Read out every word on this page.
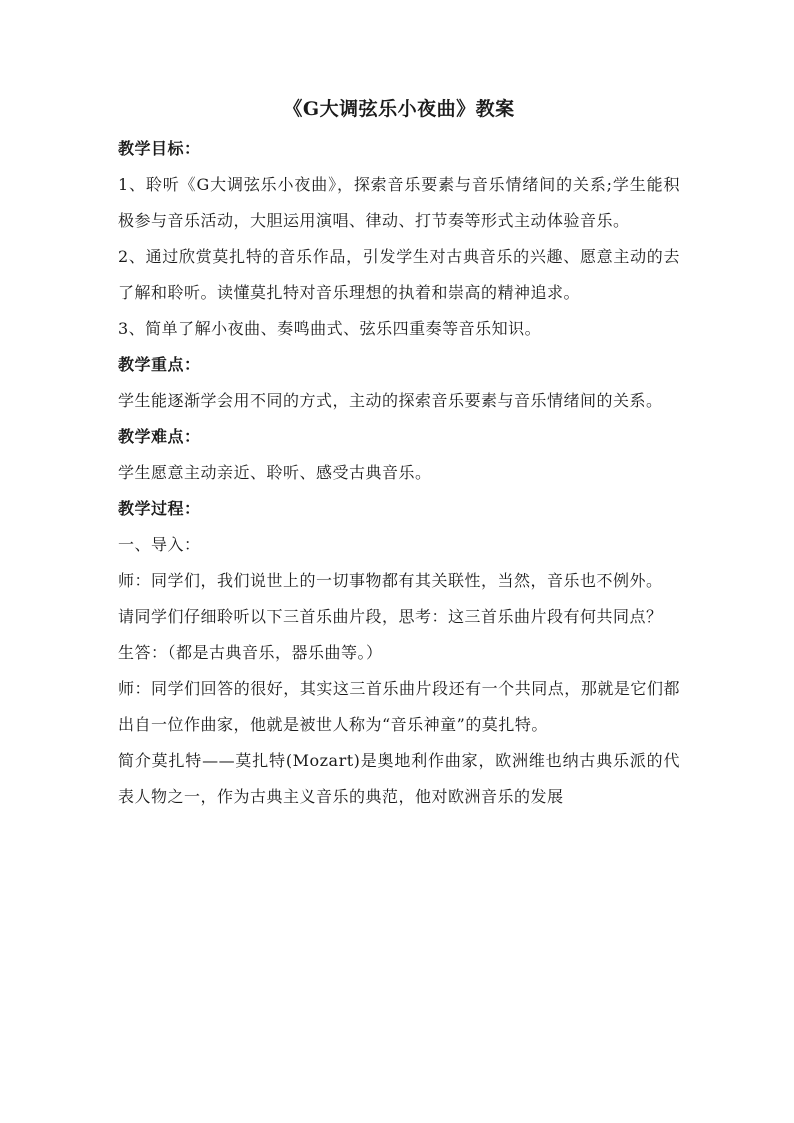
《G大调弦乐小夜曲》教案

教学目标：

1、聆听《G大调弦乐小夜曲》，探索音乐要素与音乐情绪间的关系;学生能积极参与音乐活动，大胆运用演唱、律动、打节奏等形式主动体验音乐。

2、通过欣赏莫扎特的音乐作品，引发学生对古典音乐的兴趣、愿意主动的去了解和聆听。读懂莫扎特对音乐理想的执着和崇高的精神追求。

3、简单了解小夜曲、奏鸣曲式、弦乐四重奏等音乐知识。

教学重点：

学生能逐渐学会用不同的方式，主动的探索音乐要素与音乐情绪间的关系。

教学难点：

学生愿意主动亲近、聆听、感受古典音乐。

教学过程：

一、导入：

师：同学们，我们说世上的一切事物都有其关联性，当然，音乐也不例外。

请同学们仔细聆听以下三首乐曲片段，思考：这三首乐曲片段有何共同点？

生答：（都是古典音乐，器乐曲等。）

师：同学们回答的很好，其实这三首乐曲片段还有一个共同点，那就是它们都出自一位作曲家，他就是被世人称为“音乐神童”的莫扎特。

简介莫扎特——莫扎特(Mozart)是奥地利作曲家，欧洲维也纳古典乐派的代表人物之一，作为古典主义音乐的典范，他对欧洲音乐的发展
